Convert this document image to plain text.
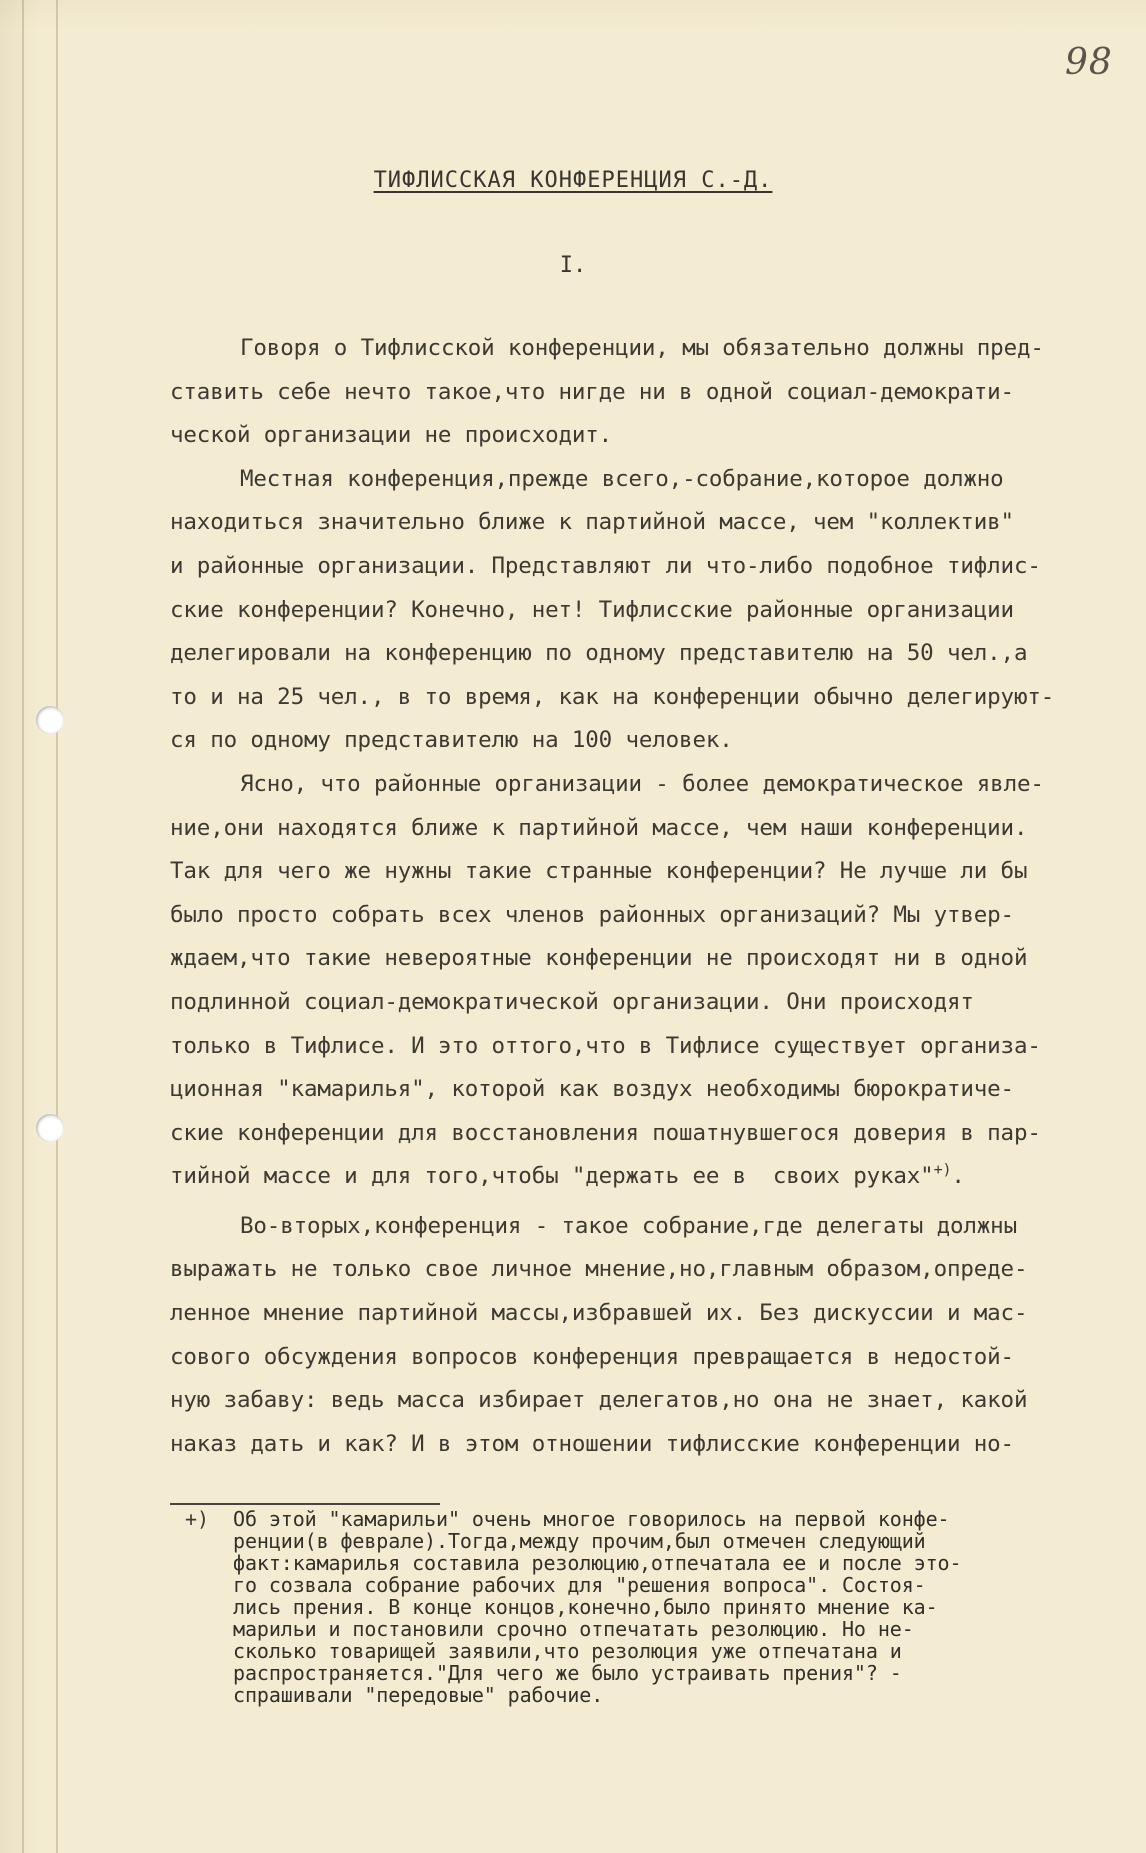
98
ТИФЛИССКАЯ КОНФЕРЕНЦИЯ С.-Д.
I.
Говоря о Тифлисской конференции, мы обязательно должны пред-
ставить себе нечто такое,что нигде ни в одной социал-демократи-
ческой организации не происходит.
Местная конференция,прежде всего,-собрание,которое должно
находиться значительно ближе к партийной массе, чем "коллектив"
и районные организации. Представляют ли что-либо подобное тифлис-
ские конференции? Конечно, нет! Тифлисские районные организации
делегировали на конференцию по одному представителю на 50 чел.,а
то и на 25 чел., в то время, как на конференции обычно делегируют-
ся по одному представителю на 100 человек.
Ясно, что районные организации - более демократическое явле-
ние,они находятся ближе к партийной массе, чем наши конференции.
Так для чего же нужны такие странные конференции? Не лучше ли бы
было просто собрать всех членов районных организаций? Мы утвер-
ждаем,что такие невероятные конференции не происходят ни в одной
подлинной социал-демократической организации. Они происходят
только в Тифлисе. И это оттого,что в Тифлисе существует организа-
ционная "камарилья", которой как воздух необходимы бюрократиче-
ские конференции для восстановления пошатнувшегося доверия в пар-
тийной массе и для того,чтобы "держать ее в  своих руках"+).
Во-вторых,конференция - такое собрание,где делегаты должны
выражать не только свое личное мнение,но,главным образом,опреде-
ленное мнение партийной массы,избравшей их. Без дискуссии и мас-
сового обсуждения вопросов конференция превращается в недостой-
ную забаву: ведь масса избирает делегатов,но она не знает, какой
наказ дать и как? И в этом отношении тифлисские конференции но-
+) Об этой "камарильи" очень многое говорилось на первой конфе-
ренции(в феврале).Тогда,между прочим,был отмечен следующий
факт:камарилья составила резолюцию,отпечатала ее и после это-
го созвала собрание рабочих для "решения вопроса". Состоя-
лись прения. В конце концов,конечно,было принято мнение ка-
марильи и постановили срочно отпечатать резолюцию. Но не-
сколько товарищей заявили,что резолюция уже отпечатана и
распространяется."Для чего же было устраивать прения"? -
спрашивали "передовые" рабочие.
